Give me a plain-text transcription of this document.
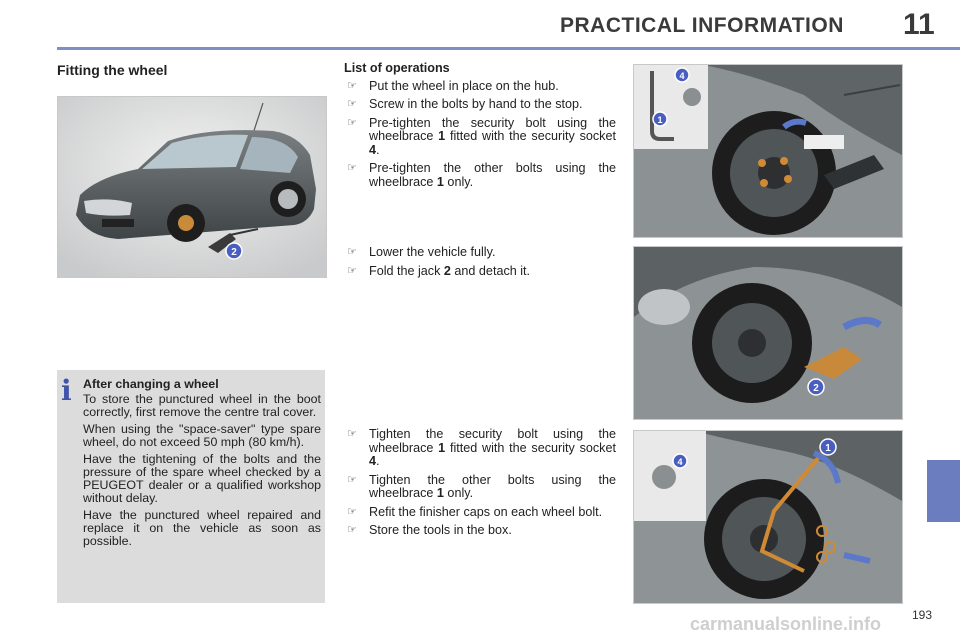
PRACTICAL INFORMATION 11
Fitting the wheel
2
i After changing a wheel

To store the punctured wheel in the boot correctly, first remove the centre tral cover.

When using the "space-saver" type spare wheel, do not exceed 50 mph (80 km/h).

Have the tightening of the bolts and the pressure of the spare wheel checked by a PEUGEOT dealer or a qualified workshop without delay.

Have the punctured wheel repaired and replace it on the vehicle as soon as possible.

List of operations
☞ Put the wheel in place on the hub.
☞ Screw in the bolts by hand to the stop.
☞ Pre-tighten the security bolt using the wheelbrace 1 fitted with the security socket 4.
☞ Pre-tighten the other bolts using the wheelbrace 1 only.
☞ Lower the vehicle fully.
☞ Fold the jack 2 and detach it.
☞ Tighten the security bolt using the wheelbrace 1 fitted with the security socket 4.
☞ Tighten the other bolts using the wheelbrace 1 only.
☞ Refit the finisher caps on each wheel bolt.
☞ Store the tools in the box.
4
1
2
4
1
193
carmanualsonline.info
